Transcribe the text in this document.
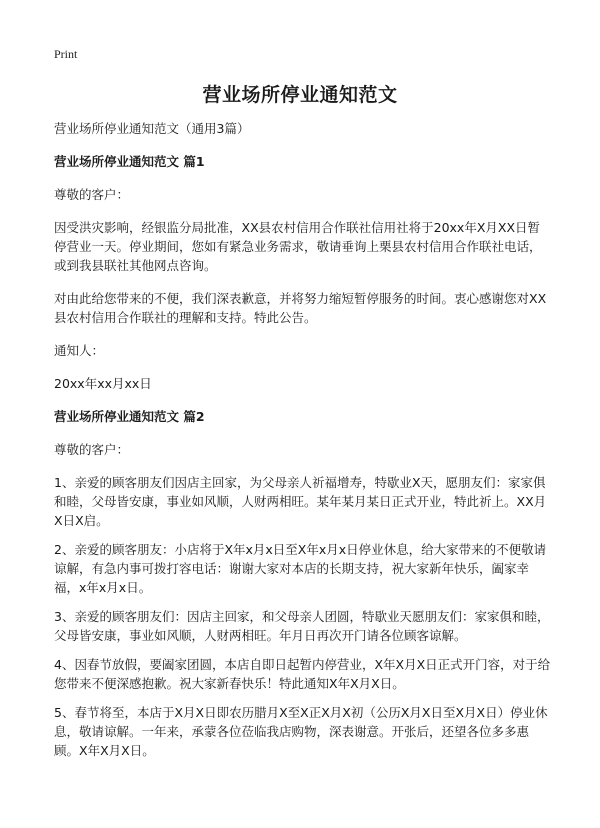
Print
营业场所停业通知范文

营业场所停业通知范文（通用3篇）

营业场所停业通知范文 篇1

尊敬的客户：

因受洪灾影响，经银监分局批准，XX县农村信用合作联社信用社将于20xx年X月XX日暂停营业一天。停业期间，您如有紧急业务需求，敬请垂询上栗县农村信用合作联社电话，或到我县联社其他网点咨询。

对由此给您带来的不便，我们深表歉意，并将努力缩短暂停服务的时间。衷心感谢您对XX县农村信用合作联社的理解和支持。特此公告。

通知人：

20xx年xx月xx日

营业场所停业通知范文 篇2

尊敬的客户：

1、亲爱的顾客朋友们因店主回家，为父母亲人祈福增寿，特歇业X天，愿朋友们：家家俱和睦，父母皆安康，事业如风顺，人财两相旺。某年某月某日正式开业，特此祈上。XX月X日X启。

2、亲爱的顾客朋友：小店将于X年x月x日至X年x月x日停业休息，给大家带来的不便敬请谅解，有急内事可拨打容电话：谢谢大家对本店的长期支持，祝大家新年快乐，阖家幸福，x年x月x日。

3、亲爱的顾客朋友们：因店主回家，和父母亲人团圆，特歇业天愿朋友们：家家俱和睦，父母皆安康，事业如风顺，人财两相旺。年月日再次开门请各位顾客谅解。

4、因春节放假，要阖家团圆，本店自即日起暂内停营业，X年X月X日正式开门容，对于给您带来不便深感抱歉。祝大家新春快乐！特此通知X年X月X日。

5、春节将至，本店于X月X日即农历腊月X至X正X月X初（公历X月X日至X月X日）停业休息，敬请谅解。一年来，承蒙各位莅临我店购物，深表谢意。开张后，还望各位多多惠顾。X年X月X日。
